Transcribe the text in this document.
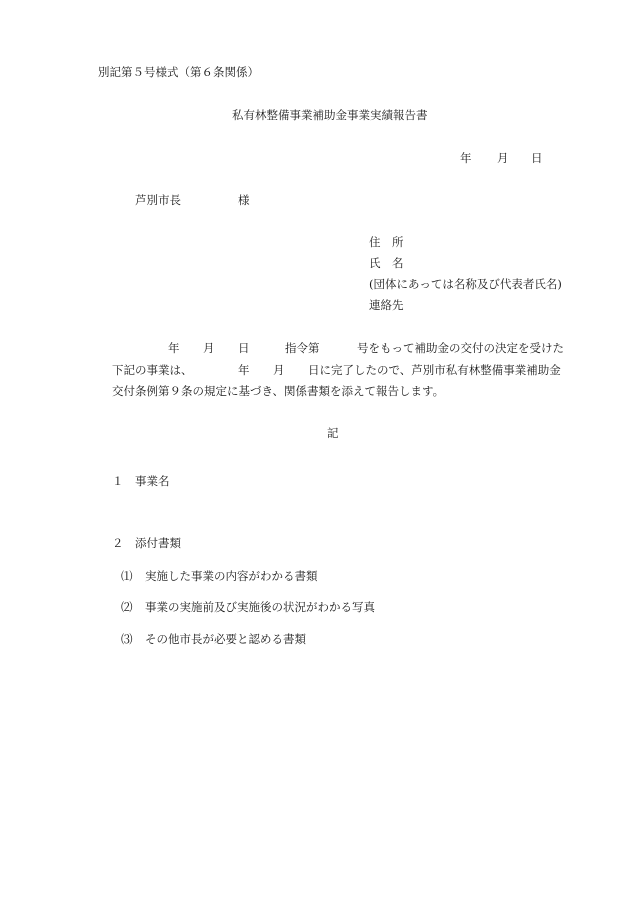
別記第５号様式（第６条関係）
私有林整備事業補助金事業実績報告書
年 月 日
芦別市長	様
住　所
氏　名
(団体にあっては名称及び代表者氏名)
連絡先
年 月 日	指令第	号をもって補助金の交付の決定を受けた
下記の事業は、	年 月 日に完了したので、芦別市私有林整備事業補助金
交付条例第９条の規定に基づき、関係書類を添えて報告します。
記
１ 事業名
２ 添付書類
⑴ 実施した事業の内容がわかる書類
⑵ 事業の実施前及び実施後の状況がわかる写真
⑶ その他市長が必要と認める書類
